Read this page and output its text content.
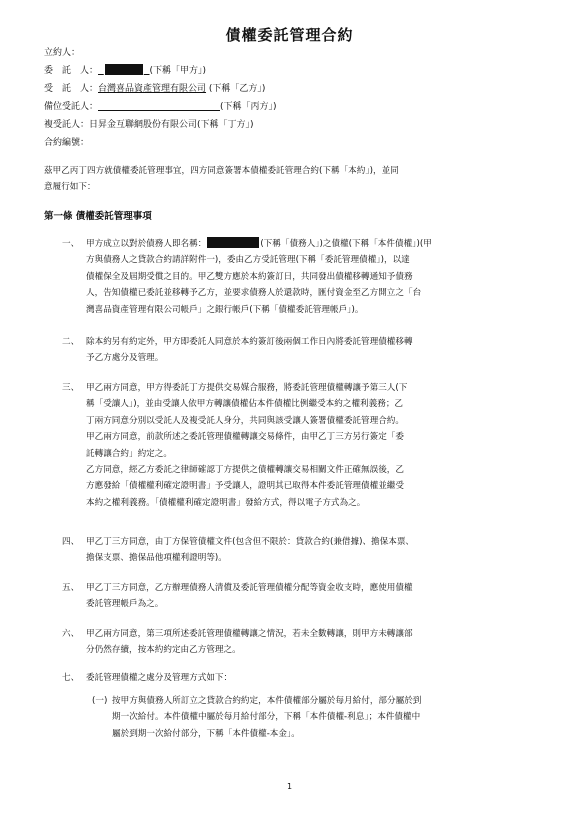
債權委託管理合約
立約人：
委　託　人：	(下稱「甲方」)
受　託　人：台灣喜品資產管理有限公司 (下稱「乙方」)
備位受託人：	(下稱「丙方」)
複受託人：日昇金互聯網股份有限公司(下稱「丁方」)
合約編號：
茲甲乙丙丁四方就債權委託管理事宜，四方同意簽署本債權委託管理合約(下稱「本約」)，並同
意履行如下：
第一條 債權委託管理事項
一、 甲方成立以對於債務人即名稱：	(下稱「債務人」)之債權(下稱「本件債權」)(甲
方與債務人之貸款合約請詳附件一)，委由乙方受託管理(下稱「委託管理債權」)，以達
債權保全及屆期受償之目的。甲乙雙方應於本約簽訂日，共同發出債權移轉通知予債務
人，告知債權已委託並移轉予乙方，並要求債務人於還款時，匯付資金至乙方開立之「台
灣喜品資產管理有限公司帳戶」之銀行帳戶(下稱「債權委託管理帳戶」)。
二、 除本約另有約定外，甲方即委託人同意於本約簽訂後兩個工作日內將委託管理債權移轉
予乙方處分及管理。
三、 甲乙兩方同意，甲方得委託丁方提供交易媒合服務，將委託管理債權轉讓予第三人(下
稱「受讓人」)，並由受讓人依甲方轉讓債權佔本件債權比例繼受本約之權利義務；乙
丁兩方同意分別以受託人及複受託人身分，共同與該受讓人簽署債權委託管理合約。
甲乙兩方同意，前款所述之委託管理債權轉讓交易條件，由甲乙丁三方另行簽定「委
託轉讓合約」約定之。
乙方同意，經乙方委託之律師確認丁方提供之債權轉讓交易相關文件正確無誤後，乙
方應發給「債權權利確定證明書」予受讓人，證明其已取得本件委託管理債權並繼受
本約之權利義務。「債權權利確定證明書」發給方式，得以電子方式為之。
四、 甲乙丁三方同意，由丁方保管債權文件(包含但不限於：貸款合約(兼借據)、擔保本票、
擔保支票、擔保品他項權利證明等)。
五、 甲乙丁三方同意，乙方辦理債務人清償及委託管理債權分配等資金收支時，應使用債權
委託管理帳戶為之。
六、 甲乙兩方同意，第三項所述委託管理債權轉讓之情況，若未全數轉讓，則甲方未轉讓部
分仍然存續，按本約約定由乙方管理之。
七、 委託管理債權之處分及管理方式如下：
(一) 按甲方與債務人所訂立之貸款合約約定，本件債權部分屬於每月給付，部分屬於到
期一次給付。本件債權中屬於每月給付部分，下稱「本件債權-利息」；本件債權中
屬於到期一次給付部分，下稱「本件債權-本金」。
1
